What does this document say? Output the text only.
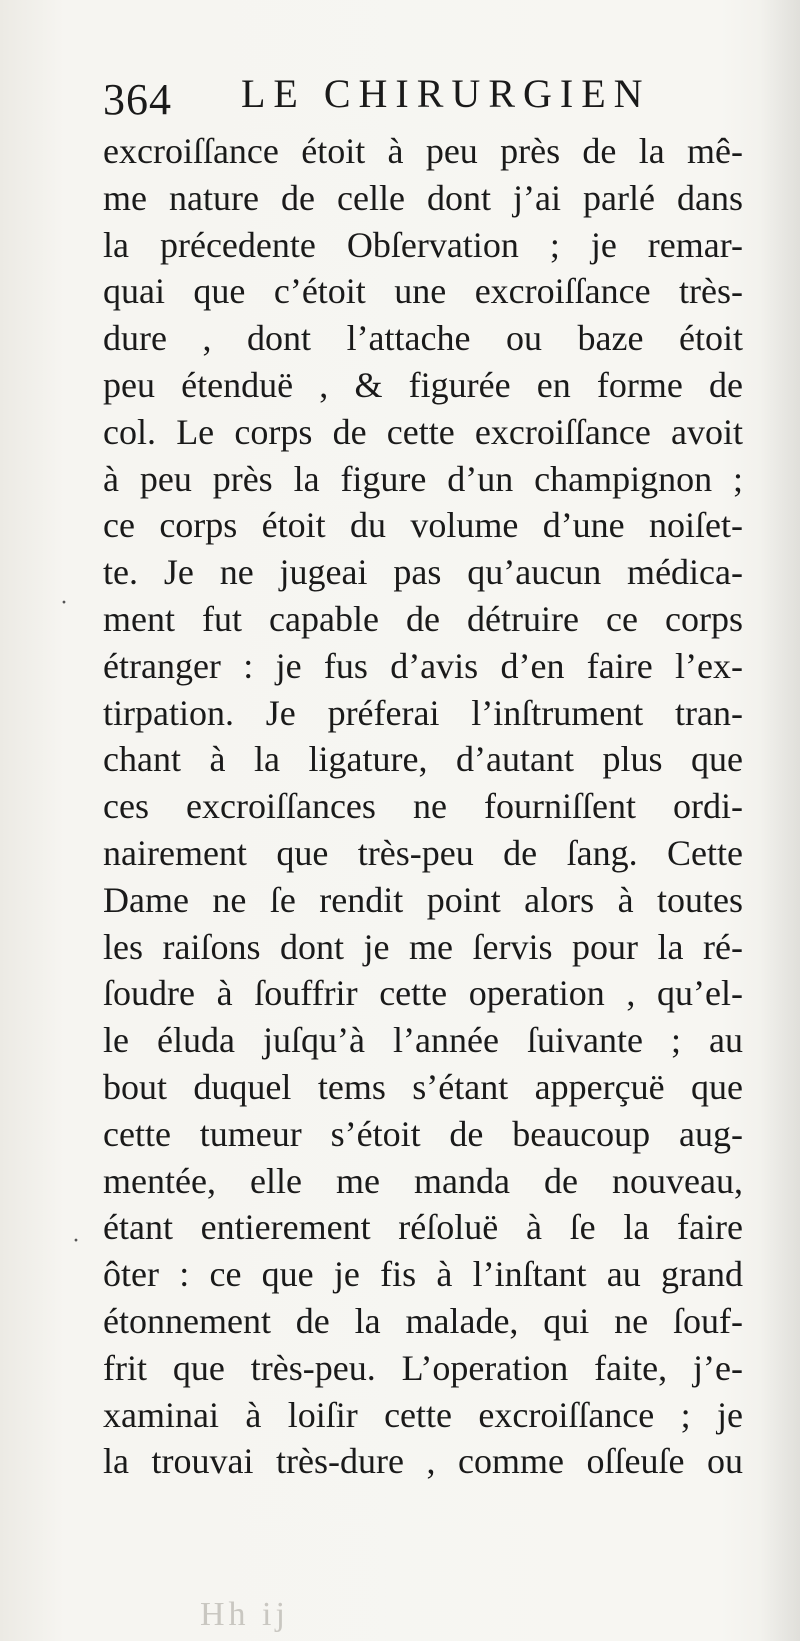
364 LE CHIRURGIEN
·
·
excroiſſance étoit à peu près de la mê-
me nature de celle dont j’ai parlé dans
la précedente Obſervation ; je remar-
quai que c’étoit une excroiſſance très-
dure , dont l’attache ou baze étoit
peu étenduë , & figurée en forme de
col. Le corps de cette excroiſſance avoit
à peu près la figure d’un champignon ;
ce corps étoit du volume d’une noiſet-
te. Je ne jugeai pas qu’aucun médica-
ment fut capable de détruire ce corps
étranger : je fus d’avis d’en faire l’ex-
tirpation. Je préferai l’inſtrument tran-
chant à la ligature, d’autant plus que
ces excroiſſances ne fourniſſent ordi-
nairement que très-peu de ſang. Cette
Dame ne ſe rendit point alors à toutes
les raiſons dont je me ſervis pour la ré-
ſoudre à ſouffrir cette operation , qu’el-
le éluda juſqu’à l’année ſuivante ; au
bout duquel tems s’étant apperçuë que
cette tumeur s’étoit de beaucoup aug-
mentée, elle me manda de nouveau,
étant entierement réſoluë à ſe la faire
ôter : ce que je fis à l’inſtant au grand
étonnement de la malade, qui ne ſouf-
frit que très-peu. L’operation faite, j’e-
xaminai à loiſir cette excroiſſance ; je
la trouvai très-dure , comme oſſeuſe ou
Hh ij
